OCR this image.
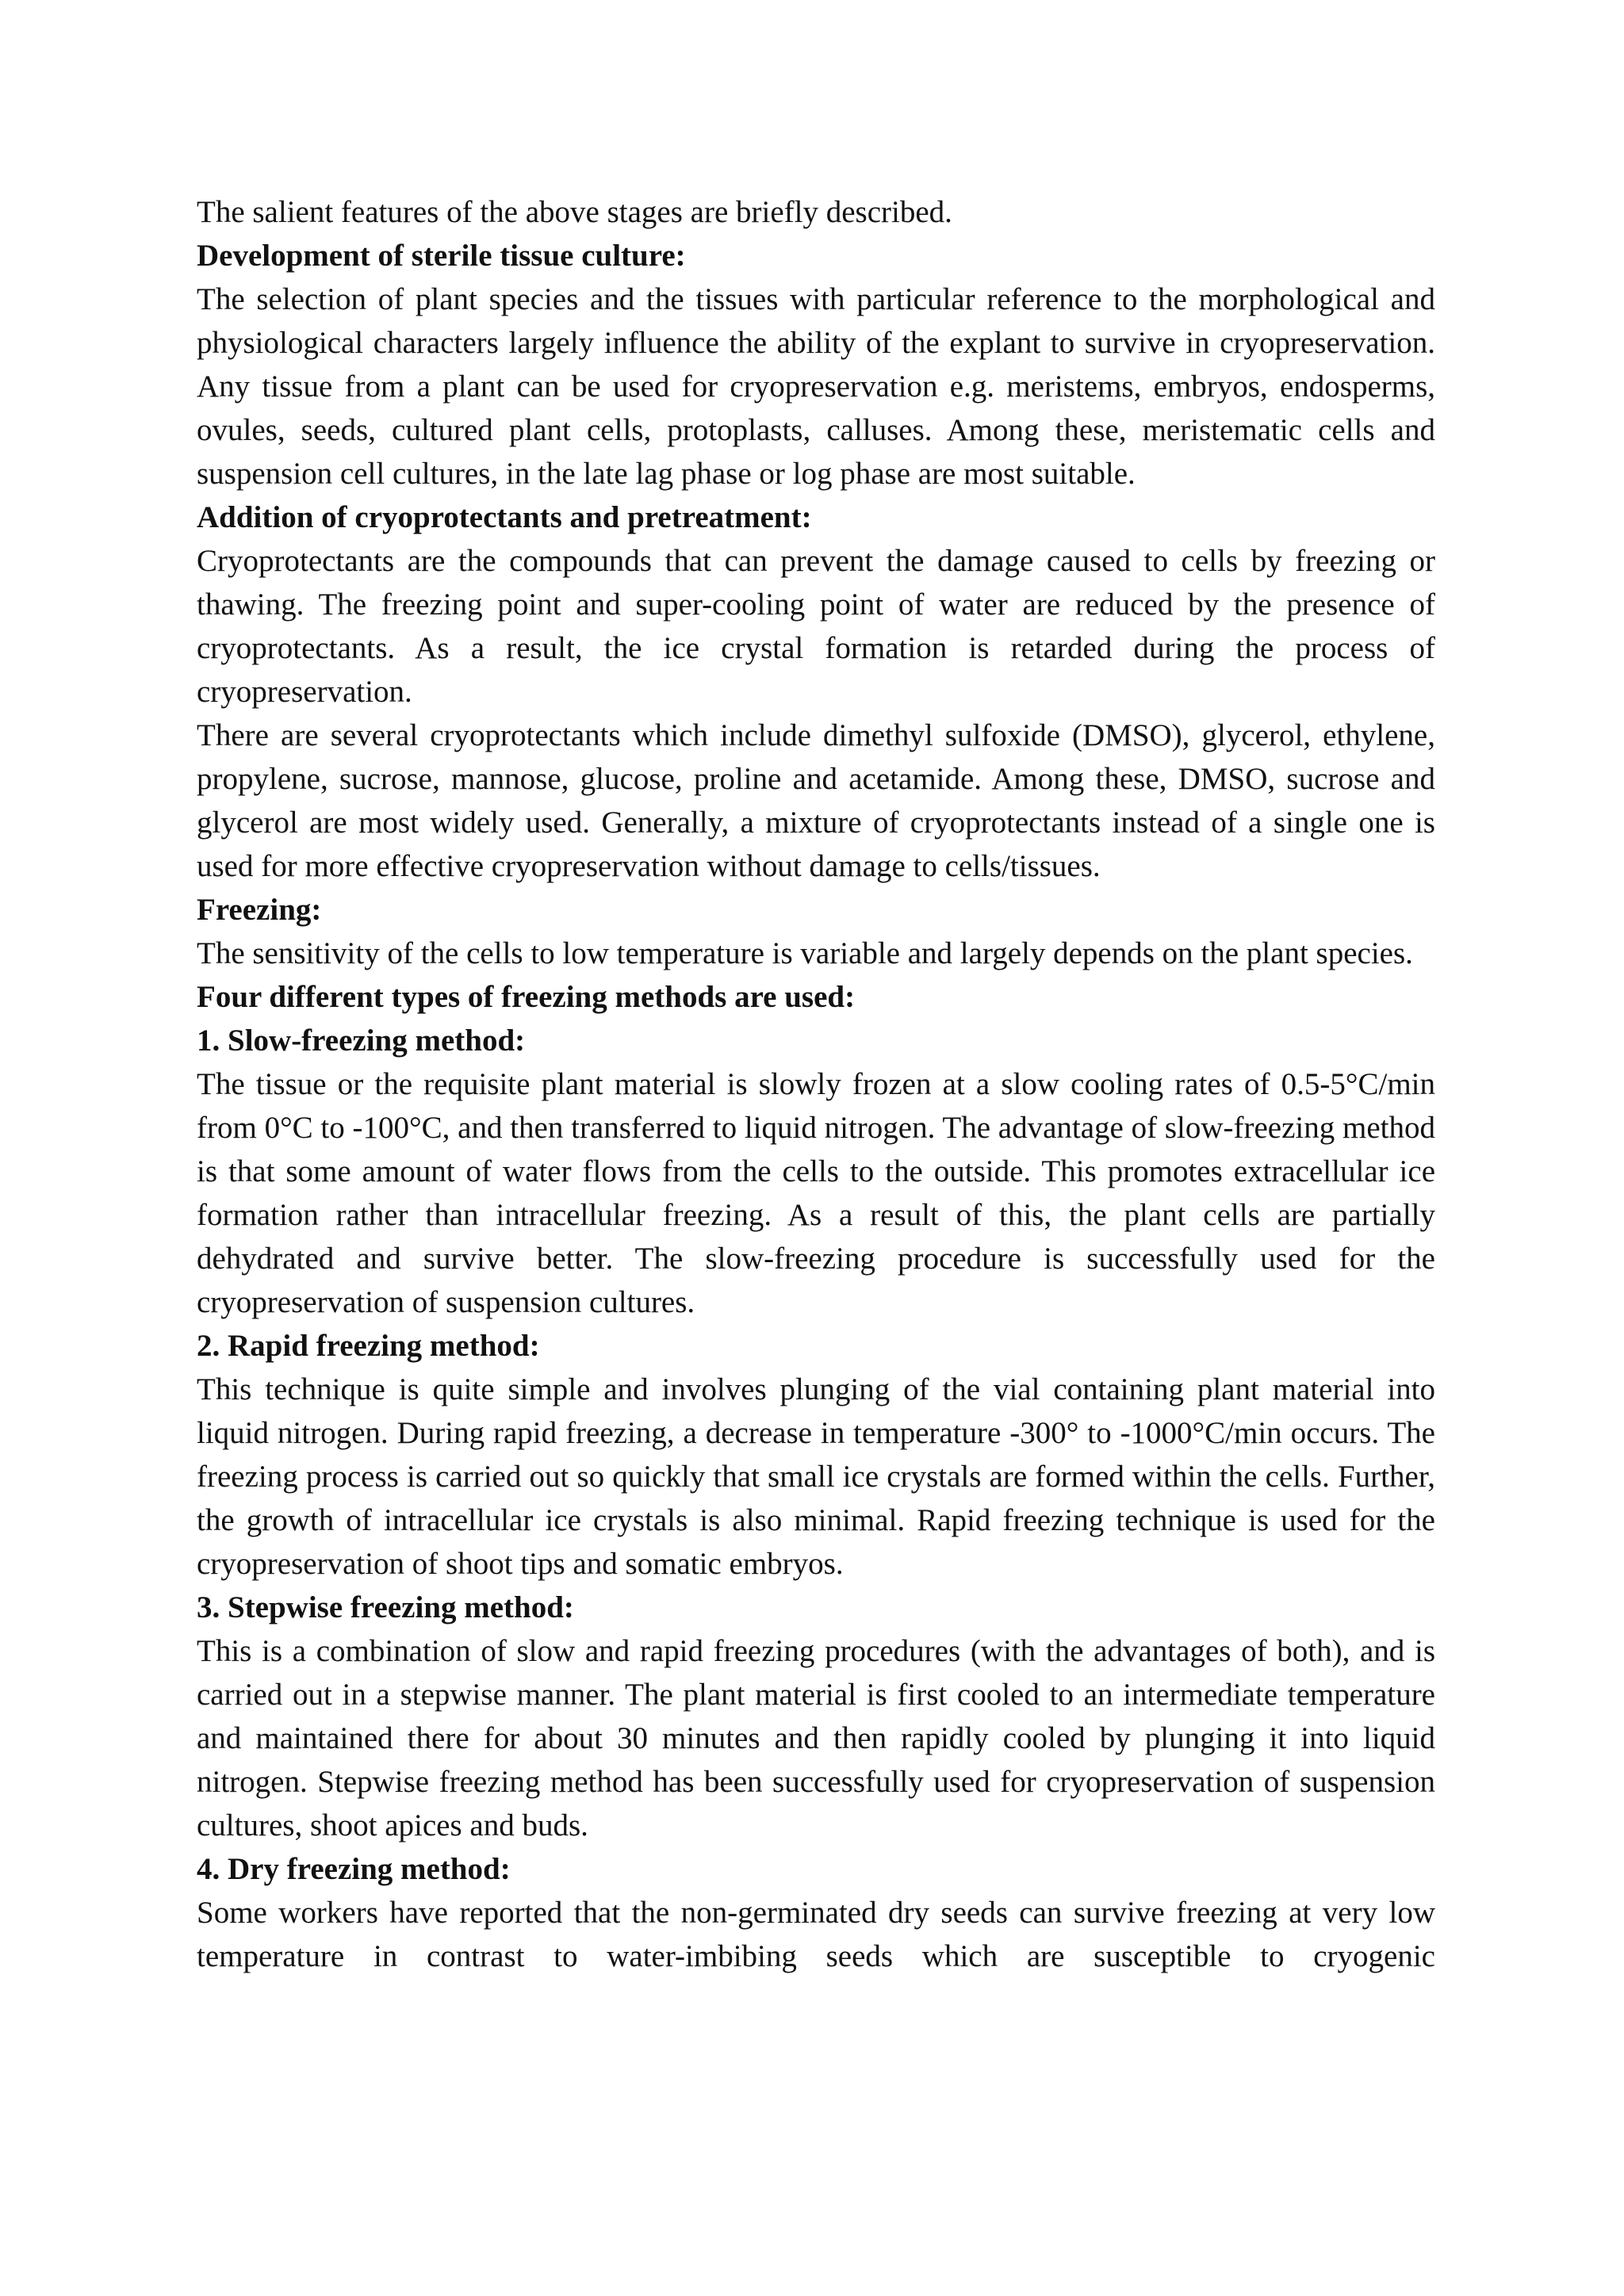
The salient features of the above stages are briefly described.

Development of sterile tissue culture:

The selection of plant species and the tissues with particular reference to the morphological and physiological characters largely influence the ability of the explant to survive in cryopreservation. Any tissue from a plant can be used for cryopreservation e.g. meristems, embryos, endosperms, ovules, seeds, cultured plant cells, protoplasts, calluses. Among these, meristematic cells and suspension cell cultures, in the late lag phase or log phase are most suitable.

Addition of cryoprotectants and pretreatment:

Cryoprotectants are the compounds that can prevent the damage caused to cells by freezing or thawing. The freezing point and super-cooling point of water are reduced by the presence of cryoprotectants. As a result, the ice crystal formation is retarded during the process of cryopreservation.

There are several cryoprotectants which include dimethyl sulfoxide (DMSO), glycerol, ethylene, propylene, sucrose, mannose, glucose, proline and acetamide. Among these, DMSO, sucrose and glycerol are most widely used. Generally, a mixture of cryoprotectants instead of a single one is used for more effective cryopreservation without damage to cells/tissues.

Freezing:

The sensitivity of the cells to low temperature is variable and largely depends on the plant species.

Four different types of freezing methods are used:
1. Slow-freezing method:

The tissue or the requisite plant material is slowly frozen at a slow cooling rates of 0.5-5°C/min from 0°C to -100°C, and then transferred to liquid nitrogen. The advantage of slow-freezing method is that some amount of water flows from the cells to the outside. This promotes extracellular ice formation rather than intracellular freezing. As a result of this, the plant cells are partially dehydrated and survive better. The slow-freezing procedure is successfully used for the cryopreservation of suspension cultures.

2. Rapid freezing method:

This technique is quite simple and involves plunging of the vial containing plant material into liquid nitrogen. During rapid freezing, a decrease in temperature -300° to -1000°C/min occurs. The freezing process is carried out so quickly that small ice crystals are formed within the cells. Further, the growth of intracellular ice crystals is also minimal. Rapid freezing technique is used for the cryopreservation of shoot tips and somatic embryos.

3. Stepwise freezing method:

This is a combination of slow and rapid freezing procedures (with the advantages of both), and is carried out in a stepwise manner. The plant material is first cooled to an intermediate temperature and maintained there for about 30 minutes and then rapidly cooled by plunging it into liquid nitrogen. Stepwise freezing method has been successfully used for cryopreservation of suspension cultures, shoot apices and buds.

4. Dry freezing method:

Some workers have reported that the non-germinated dry seeds can survive freezing at very low temperature in contrast to water-imbibing seeds which are susceptible to cryogenic
